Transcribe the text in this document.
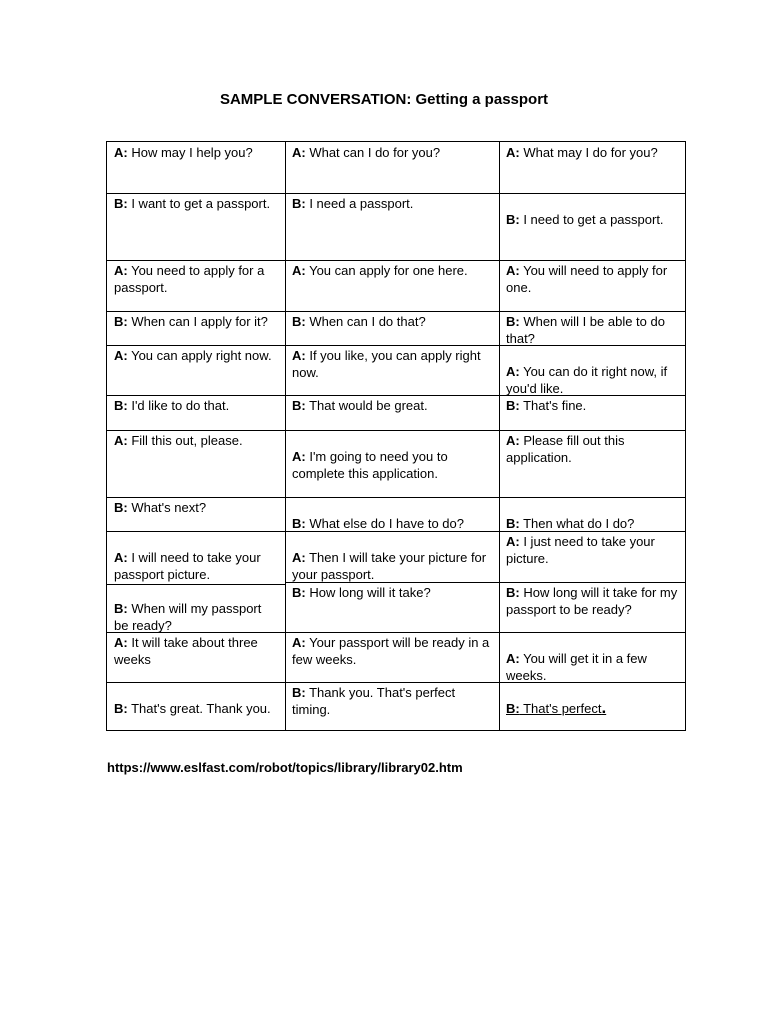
SAMPLE CONVERSATION: Getting a passport
A: How may I help you?
B: I want to get a passport.
A: You need to apply for a passport.
B: When can I apply for it?
A: You can apply right now.
B: I'd like to do that.
A: Fill this out, please.
B: What's next?
A: I will need to take your passport picture.
B: When will my passport be ready?
A: It will take about three weeks
B: That's great. Thank you.
A: What can I do for you?
B: I need a passport.
A: You can apply for one here.
B: When can I do that?
A: If you like, you can apply right now.
B: That would be great.
A: I'm going to need you to complete this application.
B: What else do I have to do?
A: Then I will take your picture for your passport.
B: How long will it take?
A: Your passport will be ready in a few weeks.
B: Thank you. That's perfect timing.
A: What may I do for you?
B: I need to get a passport.
A: You will need to apply for one.
B: When will I be able to do that?
A: You can do it right now, if you'd like.
B: That's fine.
A: Please fill out this application.
B: Then what do I do?
A: I just need to take your picture.
B: How long will it take for my passport to be ready?
A: You will get it in a few weeks.
B: That's perfect.

https://www.eslfast.com/robot/topics/library/library02.htm
